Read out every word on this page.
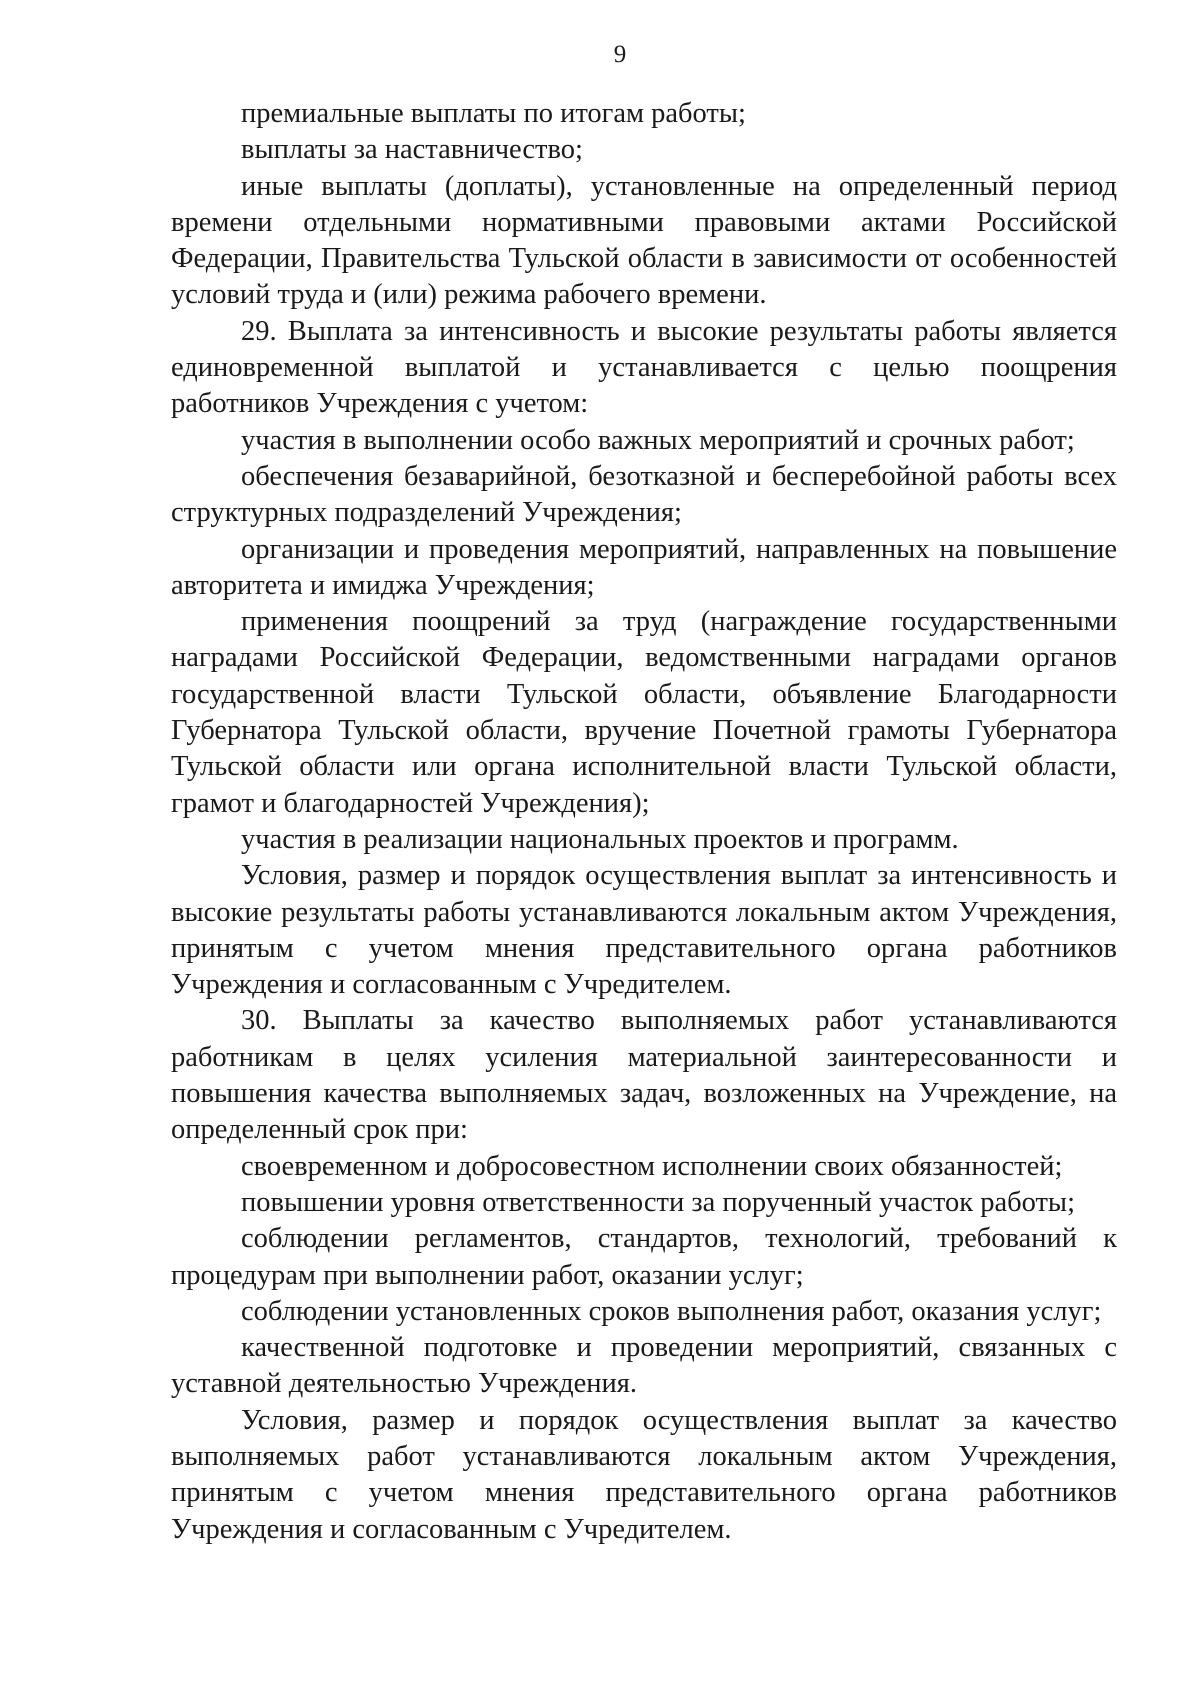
9

премиальные выплаты по итогам работы;

выплаты за наставничество;

иные выплаты (доплаты), установленные на определенный период времени отдельными нормативными правовыми актами Российской Федерации, Правительства Тульской области в зависимости от особенностей условий труда и (или) режима рабочего времени.

29. Выплата за интенсивность и высокие результаты работы является единовременной выплатой и устанавливается с целью поощрения работников Учреждения с учетом:

участия в выполнении особо важных мероприятий и срочных работ;

обеспечения безаварийной, безотказной и бесперебойной работы всех структурных подразделений Учреждения;

организации и проведения мероприятий, направленных на повышение авторитета и имиджа Учреждения;

применения поощрений за труд (награждение государственными наградами Российской Федерации, ведомственными наградами органов государственной власти Тульской области, объявление Благодарности Губернатора Тульской области, вручение Почетной грамоты Губернатора Тульской области или органа исполнительной власти Тульской области, грамот и благодарностей Учреждения);

участия в реализации национальных проектов и программ.

Условия, размер и порядок осуществления выплат за интенсивность и высокие результаты работы устанавливаются локальным актом Учреждения, принятым с учетом мнения представительного органа работников Учреждения и согласованным с Учредителем.

30. Выплаты за качество выполняемых работ устанавливаются работникам в целях усиления материальной заинтересованности и повышения качества выполняемых задач, возложенных на Учреждение, на определенный срок при:

своевременном и добросовестном исполнении своих обязанностей;

повышении уровня ответственности за порученный участок работы;

соблюдении регламентов, стандартов, технологий, требований к процедурам при выполнении работ, оказании услуг;

соблюдении установленных сроков выполнения работ, оказания услуг;

качественной подготовке и проведении мероприятий, связанных с уставной деятельностью Учреждения.

Условия, размер и порядок осуществления выплат за качество выполняемых работ устанавливаются локальным актом Учреждения, принятым с учетом мнения представительного органа работников Учреждения и согласованным с Учредителем.
